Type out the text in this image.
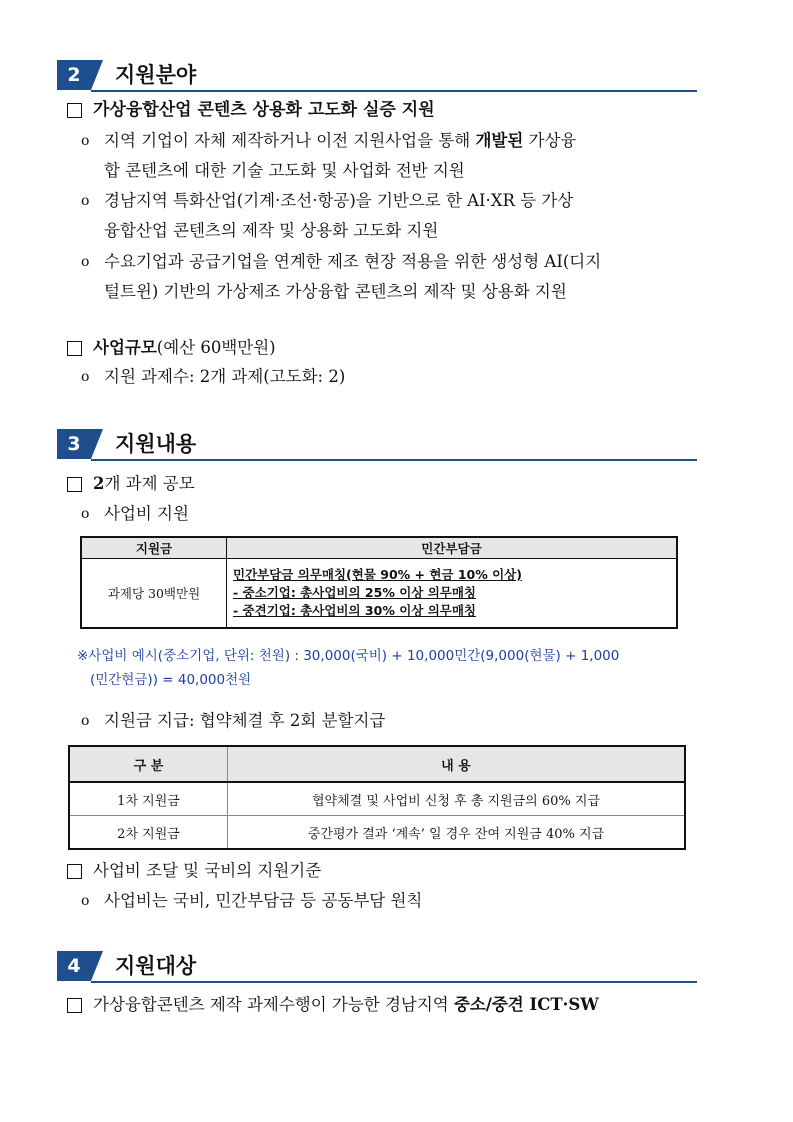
2	지원분야
가상융합산업 콘텐츠 상용화 고도화 실증 지원
o 지역 기업이 자체 제작하거나 이전 지원사업을 통해 개발된 가상융
합 콘텐츠에 대한 기술 고도화 및 사업화 전반 지원
o 경남지역 특화산업(기계·조선·항공)을 기반으로 한 AI·XR 등 가상
융합산업 콘텐츠의 제작 및 상용화 고도화 지원
o 수요기업과 공급기업을 연계한 제조 현장 적용을 위한 생성형 AI(디지
털트윈) 기반의 가상제조 가상융합 콘텐츠의 제작 및 상용화 지원
사업규모(예산 60백만원)
o 지원 과제수: 2개 과제(고도화: 2)
3	지원내용
2개 과제 공모
o 사업비 지원
지원금	민간부담금
과제당 30백만원	민간부담금 의무매칭(현물 90% + 현금 10% 이상)
- 중소기업: 총사업비의 25% 이상 의무매칭
- 중견기업: 총사업비의 30% 이상 의무매칭
※사업비 예시(중소기업, 단위: 천원) : 30,000(국비) + 10,000민간(9,000(현물) + 1,000
(민간현금)) = 40,000천원
o 지원금 지급: 협약체결 후 2회 분할지급
구 분	내 용
1차 지원금	협약체결 및 사업비 신청 후 총 지원금의 60% 지급
2차 지원금	중간평가 결과 ‘계속’ 일 경우 잔여 지원금 40% 지급
사업비 조달 및 국비의 지원기준
o 사업비는 국비, 민간부담금 등 공동부담 원칙
4	지원대상
가상융합콘텐츠 제작 과제수행이 가능한 경남지역 중소/중견 ICT·SW
